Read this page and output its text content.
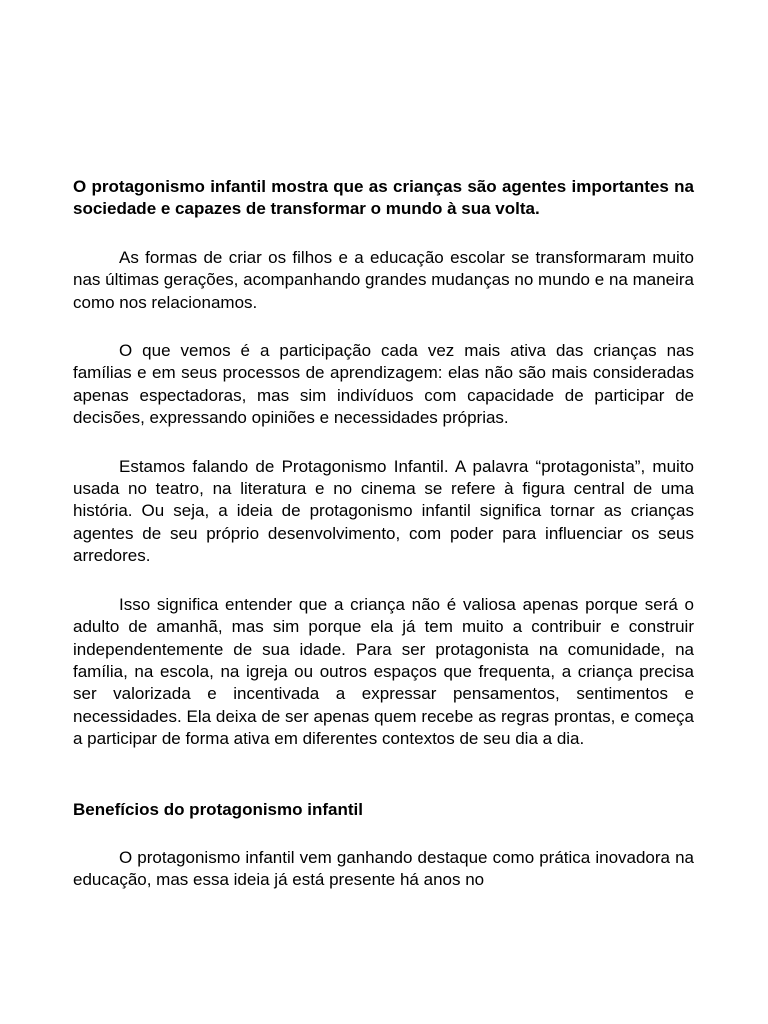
O protagonismo infantil mostra que as crianças são agentes importantes na sociedade e capazes de transformar o mundo à sua volta.

As formas de criar os filhos e a educação escolar se transformaram muito nas últimas gerações, acompanhando grandes mudanças no mundo e na maneira como nos relacionamos.

O que vemos é a participação cada vez mais ativa das crianças nas famílias e em seus processos de aprendizagem: elas não são mais consideradas apenas espectadoras, mas sim indivíduos com capacidade de participar de decisões, expressando opiniões e necessidades próprias.

Estamos falando de Protagonismo Infantil. A palavra “protagonista”, muito usada no teatro, na literatura e no cinema se refere à figura central de uma história. Ou seja, a ideia de protagonismo infantil significa tornar as crianças agentes de seu próprio desenvolvimento, com poder para influenciar os seus arredores.

Isso significa entender que a criança não é valiosa apenas porque será o adulto de amanhã, mas sim porque ela já tem muito a contribuir e construir independentemente de sua idade. Para ser protagonista na comunidade, na família, na escola, na igreja ou outros espaços que frequenta, a criança precisa ser valorizada e incentivada a expressar pensamentos, sentimentos e necessidades. Ela deixa de ser apenas quem recebe as regras prontas, e começa a participar de forma ativa em diferentes contextos de seu dia a dia.

Benefícios do protagonismo infantil

O protagonismo infantil vem ganhando destaque como prática inovadora na educação, mas essa ideia já está presente há anos no
